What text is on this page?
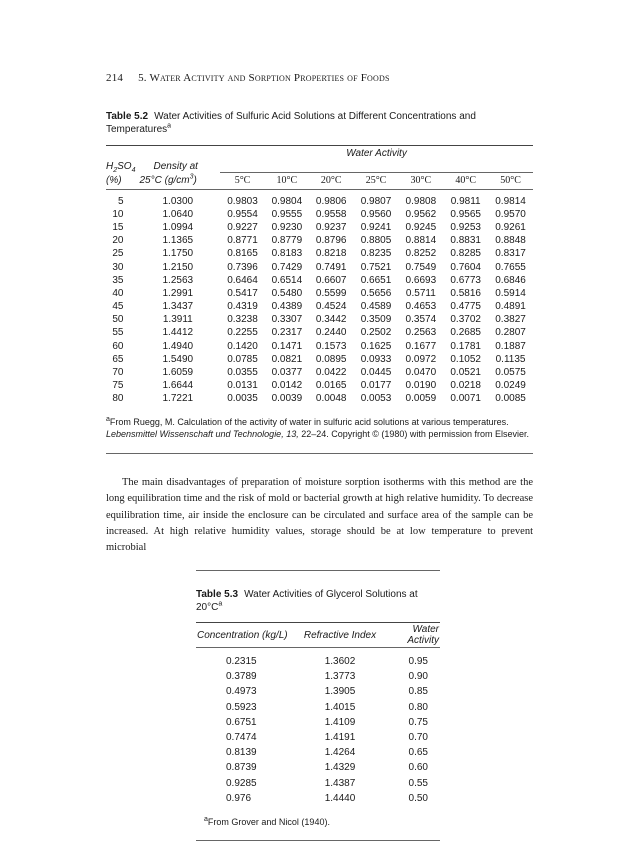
214 5. Water Activity and Sorption Properties of Foods
Table 5.2 Water Activities of Sulfuric Acid Solutions at Different Concentrations and Temperatures$^a$
		Water Activity						
$H_2SO_4$	Density at							
(%)	25°C $(g/cm^3)$	5°C	10°C	20°C	25°C	30°C	40°C	50°C

5	1.0300	0.9803	0.9804	0.9806	0.9807	0.9808	0.9811	0.9814
10	1.0640	0.9554	0.9555	0.9558	0.9560	0.9562	0.9565	0.9570
15	1.0994	0.9227	0.9230	0.9237	0.9241	0.9245	0.9253	0.9261
20	1.1365	0.8771	0.8779	0.8796	0.8805	0.8814	0.8831	0.8848
25	1.1750	0.8165	0.8183	0.8218	0.8235	0.8252	0.8285	0.8317
30	1.2150	0.7396	0.7429	0.7491	0.7521	0.7549	0.7604	0.7655
35	1.2563	0.6464	0.6514	0.6607	0.6651	0.6693	0.6773	0.6846
40	1.2991	0.5417	0.5480	0.5599	0.5656	0.5711	0.5816	0.5914
45	1.3437	0.4319	0.4389	0.4524	0.4589	0.4653	0.4775	0.4891
50	1.3911	0.3238	0.3307	0.3442	0.3509	0.3574	0.3702	0.3827
55	1.4412	0.2255	0.2317	0.2440	0.2502	0.2563	0.2685	0.2807
60	1.4940	0.1420	0.1471	0.1573	0.1625	0.1677	0.1781	0.1887
65	1.5490	0.0785	0.0821	0.0895	0.0933	0.0972	0.1052	0.1135
70	1.6059	0.0355	0.0377	0.0422	0.0445	0.0470	0.0521	0.0575
75	1.6644	0.0131	0.0142	0.0165	0.0177	0.0190	0.0218	0.0249
80	1.7221	0.0035	0.0039	0.0048	0.0053	0.0059	0.0071	0.0085
$^a$From Ruegg, M. Calculation of the activity of water in sulfuric acid solutions at various temperatures. Lebensmittel Wissenschaft und Technologie, 13, 22–24. Copyright © (1980) with permission from Elsevier.

The main disadvantages of preparation of moisture sorption isotherms with this method are the long equilibration time and the risk of mold or bacterial growth at high relative humidity. To decrease equilibration time, air inside the enclosure can be circulated and surface area of the sample can be increased. At high relative humidity values, storage should be at low temperature to prevent microbial

Table 5.3 Water Activities of Glycerol Solutions at $20^\circ C^a$
Concentration (kg/L)	Refractive Index	Water Activity

0.2315	1.3602	0.95
0.3789	1.3773	0.90
0.4973	1.3905	0.85
0.5923	1.4015	0.80
0.6751	1.4109	0.75
0.7474	1.4191	0.70
0.8139	1.4264	0.65
0.8739	1.4329	0.60
0.9285	1.4387	0.55
0.976	1.4440	0.50
$^a$From Grover and Nicol (1940).
